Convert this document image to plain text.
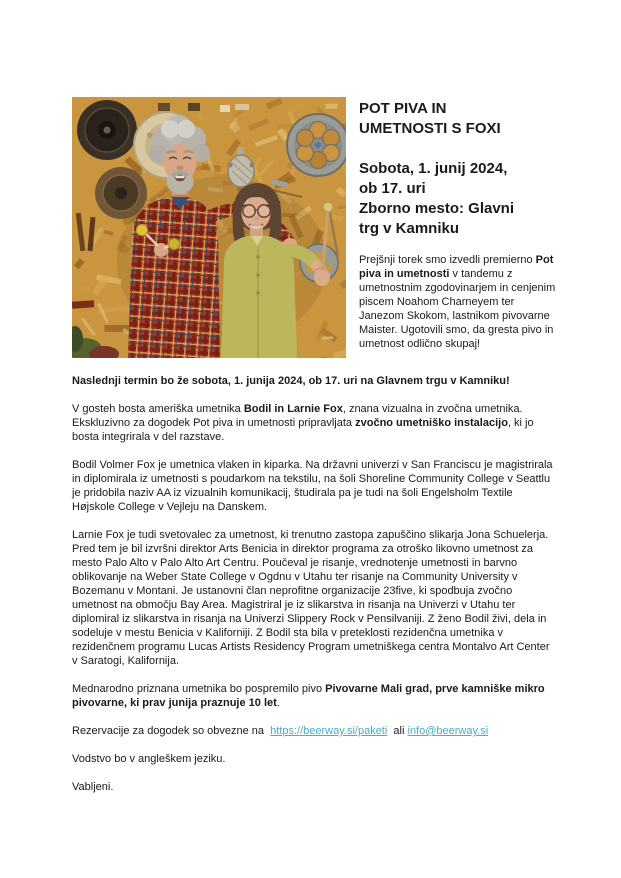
POT PIVA IN
UMETNOSTI S FOXI
Sobota, 1. junij 2024,
ob 17. uri
Zborno mesto: Glavni
trg v Kamniku

Prejšnji torek smo izvedli premierno Pot piva in umetnosti v tandemu z umetnostnim zgodovinarjem in cenjenim piscem Noahom Charneyem ter Janezom Skokom, lastnikom pivovarne Maister. Ugotovili smo, da gresta pivo in umetnost odlično skupaj!

Naslednji termin bo že sobota, 1. junija 2024, ob 17. uri na Glavnem trgu v Kamniku!

V gosteh bosta ameriška umetnika Bodil in Larnie Fox, znana vizualna in zvočna umetnika. Ekskluzivno za dogodek Pot piva in umetnosti pripravljata zvočno umetniško instalacijo, ki jo bosta integrirala v del razstave.

Bodil Volmer Fox je umetnica vlaken in kiparka. Na državni univerzi v San Franciscu je magistrirala in diplomirala iz umetnosti s poudarkom na tekstilu, na šoli Shoreline Community College v Seattlu je pridobila naziv AA iz vizualnih komunikacij, študirala pa je tudi na šoli Engelsholm Textile Højskole College v Vejleju na Danskem.

Larnie Fox je tudi svetovalec za umetnost, ki trenutno zastopa zapuščino slikarja Jona Schuelerja. Pred tem je bil izvršni direktor Arts Benicia in direktor programa za otroško likovno umetnost za mesto Palo Alto v Palo Alto Art Centru. Poučeval je risanje, vrednotenje umetnosti in barvno oblikovanje na Weber State College v Ogdnu v Utahu ter risanje na Community University v Bozemanu v Montani. Je ustanovni član neprofitne organizacije 23five, ki spodbuja zvočno umetnost na območju Bay Area. Magistriral je iz slikarstva in risanja na Univerzi v Utahu ter diplomiral iz slikarstva in risanja na Univerzi Slippery Rock v Pensilvaniji. Z ženo Bodil živi, dela in sodeluje v mestu Benicia v Kaliforniji. Z Bodil sta bila v preteklosti rezidenčna umetnika v rezidenčnem programu Lucas Artists Residency Program umetniškega centra Montalvo Art Center v Saratogi, Kalifornija.

Mednarodno priznana umetnika bo pospremilo pivo Pivovarne Mali grad, prve kamniške mikro pivovarne, ki prav junija praznuje 10 let.

Rezervacije za dogodek so obvezne na  https://beerway.si/paketi  ali info@beerway.si

Vodstvo bo v angleškem jeziku.

Vabljeni.
